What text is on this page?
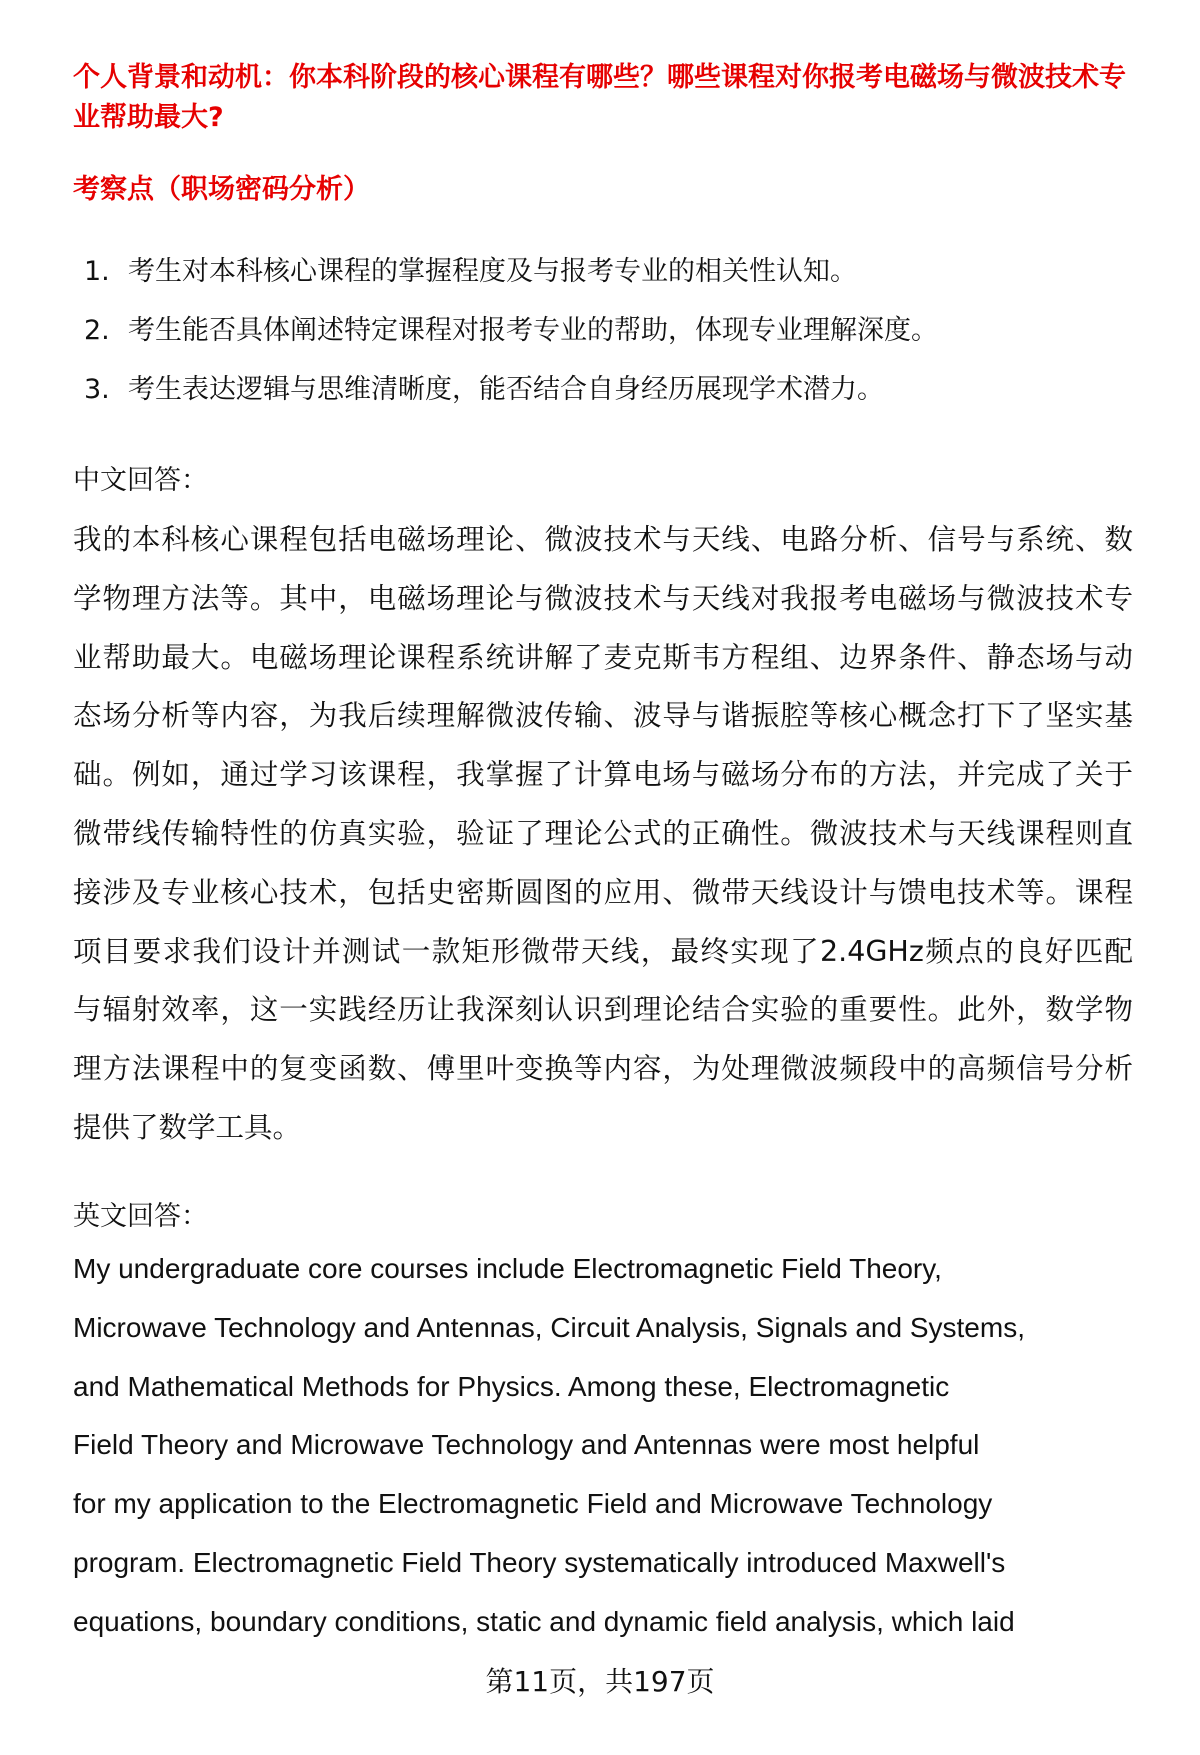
个人背景和动机：你本科阶段的核心课程有哪些？哪些课程对你报考电磁场与微波技术专业帮助最大?
考察点（职场密码分析）
1. 考生对本科核心课程的掌握程度及与报考专业的相关性认知。
2. 考生能否具体阐述特定课程对报考专业的帮助，体现专业理解深度。
3. 考生表达逻辑与思维清晰度，能否结合自身经历展现学术潜力。
中文回答：
我的本科核心课程包括电磁场理论、微波技术与天线、电路分析、信号与系统、数
学物理方法等。其中，电磁场理论与微波技术与天线对我报考电磁场与微波技术专
业帮助最大。电磁场理论课程系统讲解了麦克斯韦方程组、边界条件、静态场与动
态场分析等内容，为我后续理解微波传输、波导与谐振腔等核心概念打下了坚实基
础。例如，通过学习该课程，我掌握了计算电场与磁场分布的方法，并完成了关于
微带线传输特性的仿真实验，验证了理论公式的正确性。微波技术与天线课程则直
接涉及专业核心技术，包括史密斯圆图的应用、微带天线设计与馈电技术等。课程
项目要求我们设计并测试一款矩形微带天线，最终实现了2.4GHz频点的良好匹配
与辐射效率，这一实践经历让我深刻认识到理论结合实验的重要性。此外，数学物
理方法课程中的复变函数、傅里叶变换等内容，为处理微波频段中的高频信号分析
提供了数学工具。
英文回答：
My undergraduate core courses include Electromagnetic Field Theory,
Microwave Technology and Antennas, Circuit Analysis, Signals and Systems,
and Mathematical Methods for Physics. Among these, Electromagnetic
Field Theory and Microwave Technology and Antennas were most helpful
for my application to the Electromagnetic Field and Microwave Technology
program. Electromagnetic Field Theory systematically introduced Maxwell's
equations, boundary conditions, static and dynamic field analysis, which laid
第11页，共197页
